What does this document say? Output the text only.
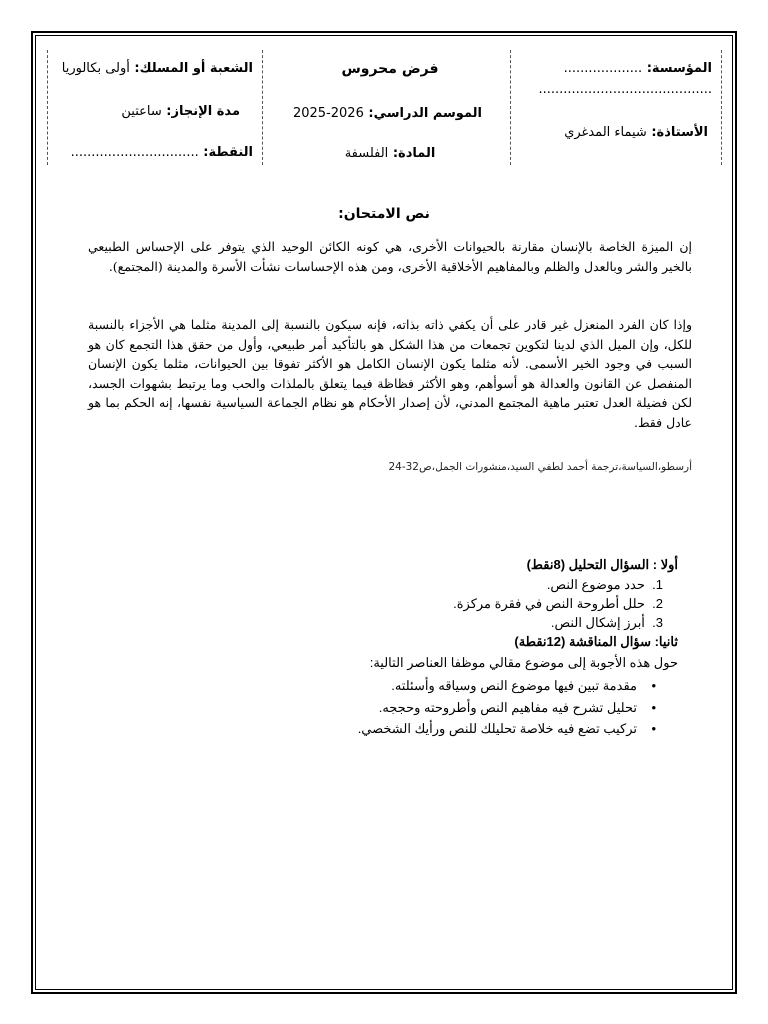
المؤسسة: ...................
..........................................
الأستاذة: شيماء المدغري
فرض محروس
الموسم الدراسي: 2025-2026
المادة: الفلسفة
الشعبة أو المسلك: أولى بكالوريا
مدة الإنجاز: ساعتين
النقطة: ...............................
نص الامتحان:
إن الميزة الخاصة بالإنسان مقارنة بالحيوانات الأخرى، هي كونه الكائن الوحيد الذي يتوفر على الإحساس الطبيعي بالخير والشر وبالعدل والظلم وبالمفاهيم الأخلاقية الأخرى، ومن هذه الإحساسات نشأت الأسرة والمدينة (المجتمع).
وإذا كان الفرد المنعزل غير قادر على أن يكفي ذاته بذاته، فإنه سيكون بالنسبة إلى المدينة مثلما هي الأجزاء بالنسبة للكل، وإن الميل الذي لدينا لتكوين تجمعات من هذا الشكل هو بالتأكيد أمر طبيعي، وأول من حقق هذا التجمع كان هو السبب في وجود الخير الأسمى. لأنه مثلما يكون الإنسان الكامل هو الأكثر تفوقا بين الحيوانات، مثلما يكون الإنسان المنفصل عن القانون والعدالة هو أسوأهم، وهو الأكثر فظاظة فيما يتعلق بالملذات والحب وما يرتبط بشهوات الجسد، لكن فضيلة العدل تعتبر ماهية المجتمع المدني، لأن إصدار الأحكام هو نظام الجماعة السياسية نفسها، إنه الحكم بما هو عادل فقط.
أرسطو،السياسة،ترجمة أحمد لطفي السيد،منشورات الجمل،ص32-24
أولا : السؤال التحليل (8نقط)
1.  حدد موضوع النص.
2.  حلل أطروحة النص في فقرة مركزة.
3.  أبرز إشكال النص.
ثانيا: سؤال المناقشة (12نقطة)
حول هذه الأجوبة إلى موضوع مقالي موظفا العناصر التالية:
•    مقدمة تبين فيها موضوع النص وسياقه وأسئلته.
•    تحليل تشرح فيه مفاهيم النص وأطروحته وحججه.
•    تركيب تضع فيه خلاصة تحليلك للنص ورأيك الشخصي.
